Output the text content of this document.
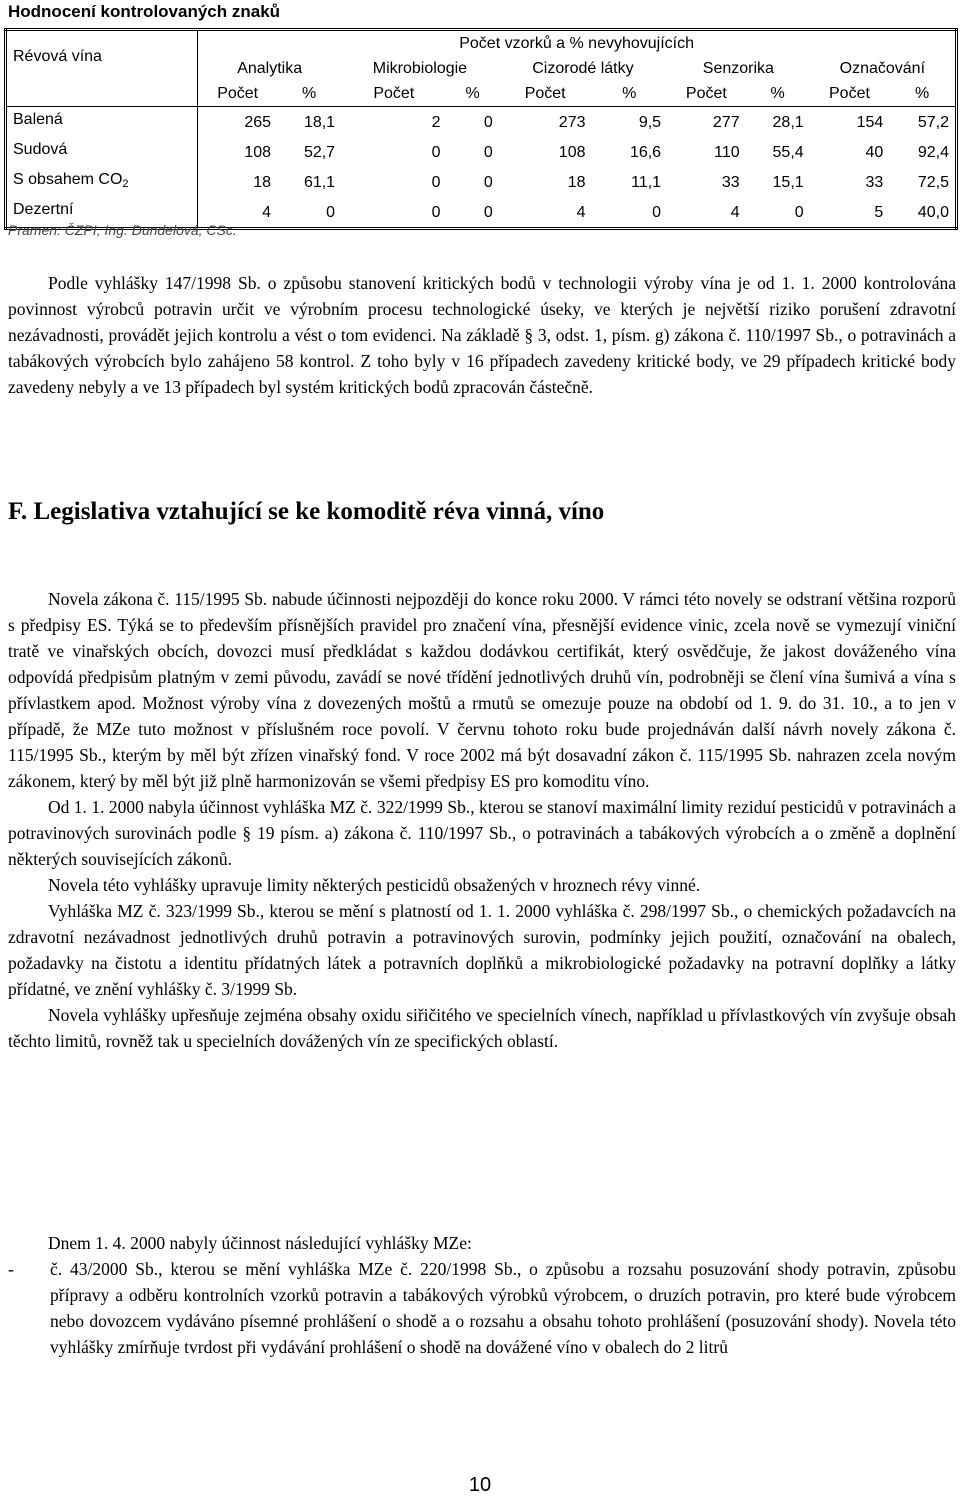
Hodnocení kontrolovaných znaků
Révová vína	Počet vzorků a % nevyhovujících									
	Analytika		Mikrobiologie		Cizorodé látky		Senzorika		Označování	
	Počet	%	Počet	%	Počet	%	Počet	%	Počet	%
Balená	265	18,1	2	0	273	9,5	277	28,1	154	57,2
Sudová	108	52,7	0	0	108	16,6	110	55,4	40	92,4
S obsahem $CO_2$	18	61,1	0	0	18	11,1	33	15,1	33	72,5
Dezertní	4	0	0	0	4	0	4	0	5	40,0
Pramen: ČZPI, Ing. Dundelová, CSc.

Podle vyhlášky 147/1998 Sb. o způsobu stanovení kritických bodů v technologii výroby vína je od 1. 1. 2000 kontrolována povinnost výrobců potravin určit ve výrobním procesu technologické úseky, ve kterých je největší riziko porušení zdravotní nezávadnosti, provádět jejich kontrolu a vést o tom evidenci. Na základě § 3, odst. 1, písm. g) zákona č. 110/1997 Sb., o potravinách a tabákových výrobcích bylo zahájeno 58 kontrol. Z toho byly v 16 případech zavedeny kritické body, ve 29 případech kritické body zavedeny nebyly a ve 13 případech byl systém kritických bodů zpracován částečně.

F. Legislativa vztahující se ke komoditě réva vinná, víno

Novela zákona č. 115/1995 Sb. nabude účinnosti nejpozději do konce roku 2000. V rámci této novely se odstraní většina rozporů s předpisy ES. Týká se to především přísnějších pravidel pro značení vína, přesnější evidence vinic, zcela nově se vymezují viniční tratě ve vinařských obcích, dovozci musí předkládat s každou dodávkou certifikát, který osvědčuje, že jakost dováženého vína odpovídá předpisům platným v zemi původu, zavádí se nové třídění jednotlivých druhů vín, podrobněji se člení vína šumivá a vína s přívlastkem apod. Možnost výroby vína z dovezených moštů a rmutů se omezuje pouze na období od 1. 9. do 31. 10., a to jen v případě, že MZe tuto možnost v příslušném roce povolí. V červnu tohoto roku bude projednáván další návrh novely zákona č. 115/1995 Sb., kterým by měl být zřízen vinařský fond. V roce 2002 má být dosavadní zákon č. 115/1995 Sb. nahrazen zcela novým zákonem, který by měl být již plně harmonizován se všemi předpisy ES pro komoditu víno.

Od 1. 1. 2000 nabyla účinnost vyhláška MZ č. 322/1999 Sb., kterou se stanoví maximální limity reziduí pesticidů v potravinách a potravinových surovinách podle § 19 písm. a) zákona č. 110/1997 Sb., o potravinách a tabákových výrobcích a o změně a doplnění některých souvisejících zákonů.

Novela této vyhlášky upravuje limity některých pesticidů obsažených v hroznech révy vinné.

Vyhláška MZ č. 323/1999 Sb., kterou se mění s platností od 1. 1. 2000 vyhláška č. 298/1997 Sb., o chemických požadavcích na zdravotní nezávadnost jednotlivých druhů potravin a potravinových surovin, podmínky jejich použití, označování na obalech, požadavky na čistotu a identitu přídatných látek a potravních doplňků a mikrobiologické požadavky na potravní doplňky a látky přídatné, ve znění vyhlášky č. 3/1999 Sb.

Novela vyhlášky upřesňuje zejména obsahy oxidu siřičitého ve specielních vínech, například u přívlastkových vín zvyšuje obsah těchto limitů, rovněž tak u specielních dovážených vín ze specifických oblastí.

Dnem 1. 4. 2000 nabyly účinnost následující vyhlášky MZe:

-	č. 43/2000 Sb., kterou se mění vyhláška MZe č. 220/1998 Sb., o způsobu a rozsahu posuzování shody potravin, způsobu přípravy a odběru kontrolních vzorků potravin a tabákových výrobků výrobcem, o druzích potravin, pro které bude výrobcem nebo dovozcem vydáváno písemné prohlášení o shodě a o rozsahu a obsahu tohoto prohlášení (posuzování shody). Novela této vyhlášky zmírňuje tvrdost při vydávání prohlášení o shodě na dovážené víno v obalech do 2 litrů
10
